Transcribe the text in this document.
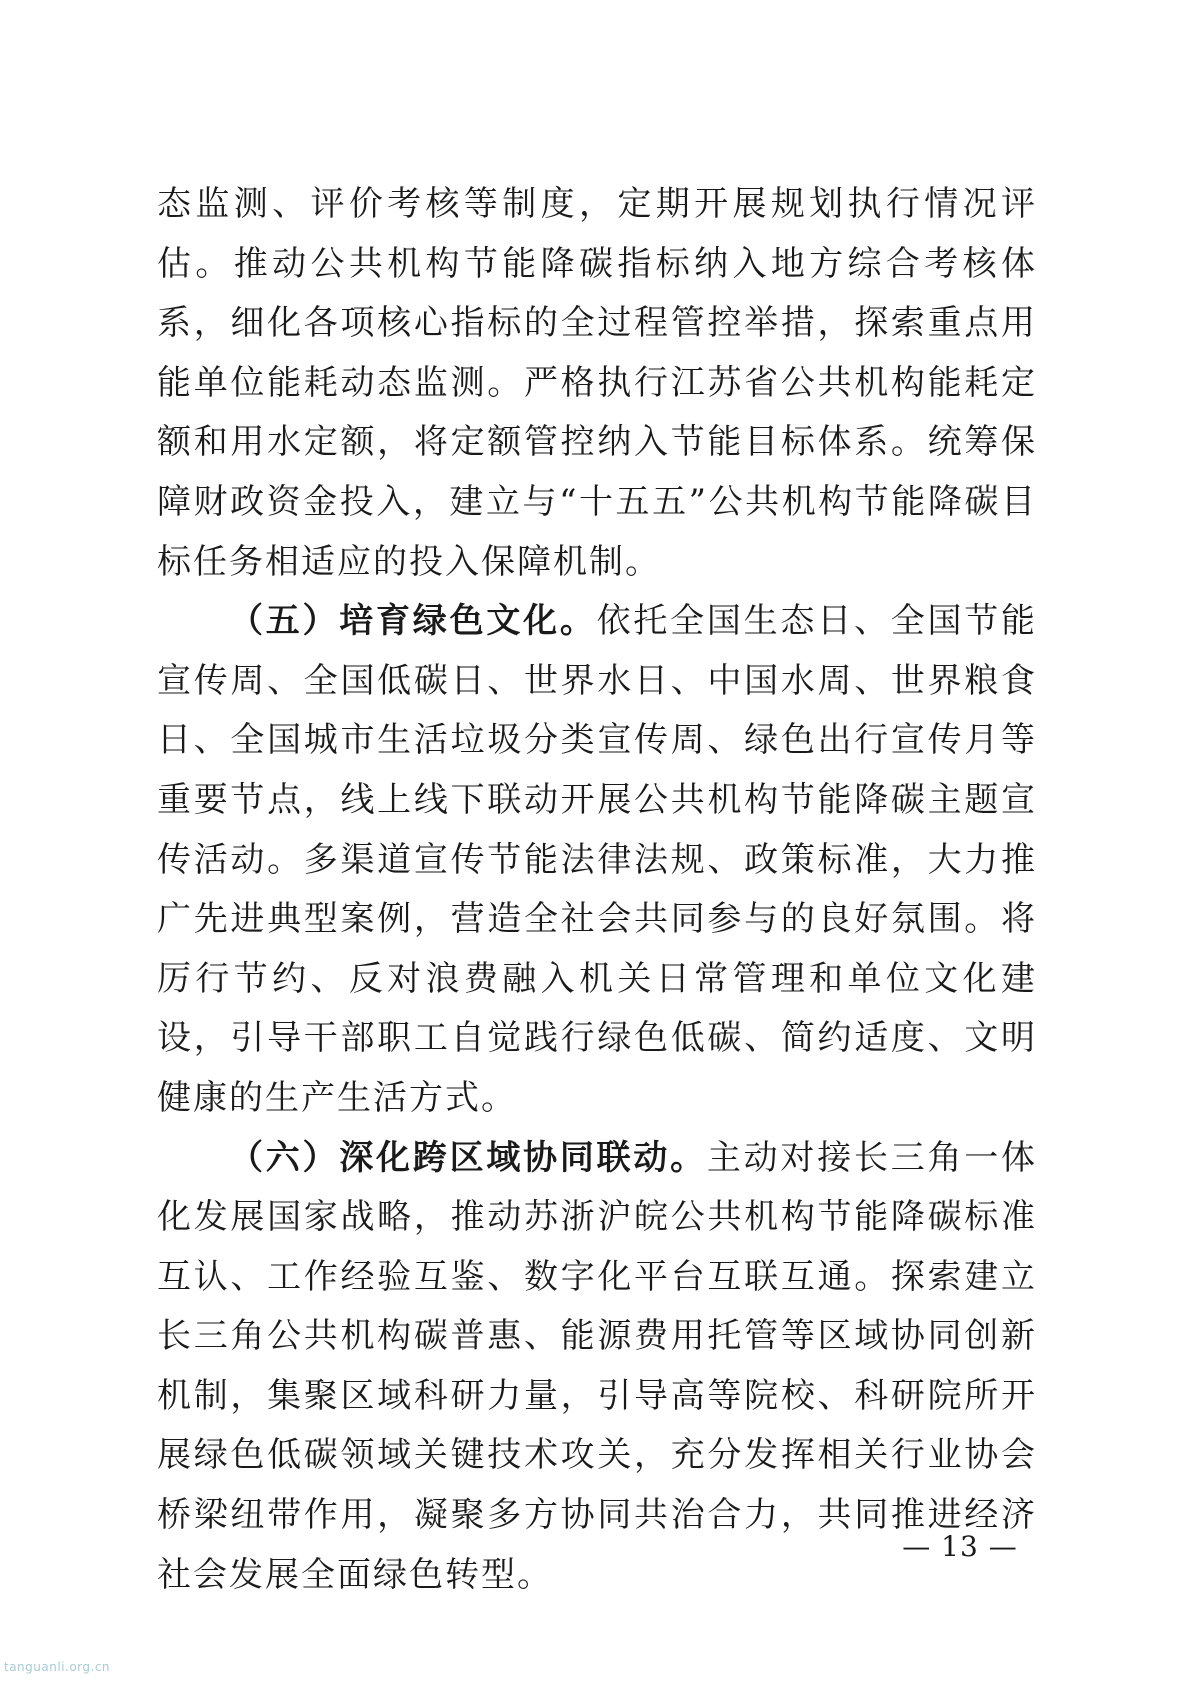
态监测、评价考核等制度，定期开展规划执行情况评估。推动公共机构节能降碳指标纳入地方综合考核体系，细化各项核心指标的全过程管控举措，探索重点用能单位能耗动态监测。严格执行江苏省公共机构能耗定额和用水定额，将定额管控纳入节能目标体系。统筹保障财政资金投入，建立与“十五五”公共机构节能降碳目标任务相适应的投入保障机制。

（五）培育绿色文化。依托全国生态日、全国节能宣传周、全国低碳日、世界水日、中国水周、世界粮食日、全国城市生活垃圾分类宣传周、绿色出行宣传月等重要节点，线上线下联动开展公共机构节能降碳主题宣传活动。多渠道宣传节能法律法规、政策标准，大力推广先进典型案例，营造全社会共同参与的良好氛围。将厉行节约、反对浪费融入机关日常管理和单位文化建设，引导干部职工自觉践行绿色低碳、简约适度、文明健康的生产生活方式。

（六）深化跨区域协同联动。主动对接长三角一体化发展国家战略，推动苏浙沪皖公共机构节能降碳标准互认、工作经验互鉴、数字化平台互联互通。探索建立长三角公共机构碳普惠、能源费用托管等区域协同创新机制，集聚区域科研力量，引导高等院校、科研院所开展绿色低碳领域关键技术攻关，充分发挥相关行业协会桥梁纽带作用，凝聚多方协同共治合力，共同推进经济社会发展全面绿色转型。

— 13 —
tanguanli.org.cn
